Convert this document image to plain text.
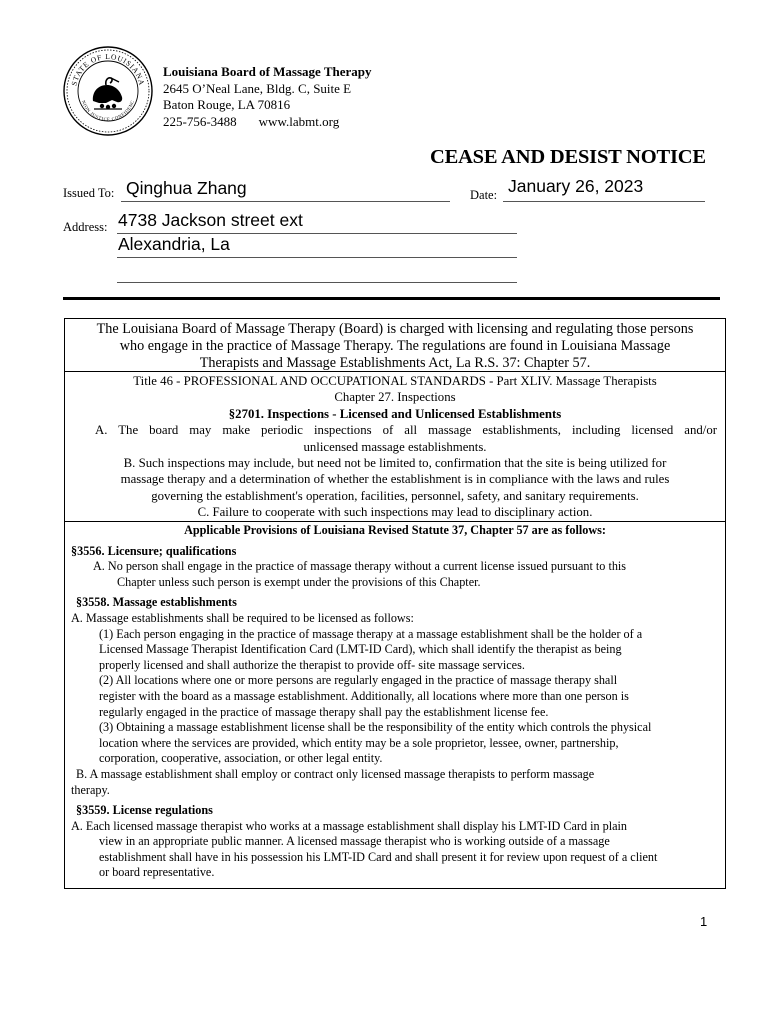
STATE OF LOUISIANA
NION JUSTICE CONFIDENC
Louisiana Board of Massage Therapy
2645 O’Neal Lane, Bldg. C, Suite E
Baton Rouge, LA 70816
225-756-3488 www.labmt.org
CEASE AND DESIST NOTICE
Issued To: Qinghua Zhang	Date: January 26, 2023
Address: 4738 Jackson street ext
Alexandria, La
The Louisiana Board of Massage Therapy (Board) is charged with licensing and regulating those persons
who engage in the practice of Massage Therapy. The regulations are found in Louisiana Massage
Therapists and Massage Establishments Act, La R.S. 37: Chapter 57.
Title 46 - PROFESSIONAL AND OCCUPATIONAL STANDARDS - Part XLIV. Massage Therapists
Chapter 27. Inspections
§2701. Inspections - Licensed and Unlicensed Establishments
A. The board may make periodic inspections of all massage establishments, including licensed and/or
unlicensed massage establishments.
B. Such inspections may include, but need not be limited to, confirmation that the site is being utilized for
massage therapy and a determination of whether the establishment is in compliance with the laws and rules
governing the establishment's operation, facilities, personnel, safety, and sanitary requirements.
C. Failure to cooperate with such inspections may lead to disciplinary action.
Applicable Provisions of Louisiana Revised Statute 37, Chapter 57 are as follows:
§3556. Licensure; qualifications
A. No person shall engage in the practice of massage therapy without a current license issued pursuant to this
Chapter unless such person is exempt under the provisions of this Chapter.
§3558. Massage establishments
A. Massage establishments shall be required to be licensed as follows:
(1) Each person engaging in the practice of massage therapy at a massage establishment shall be the holder of a
Licensed Massage Therapist Identification Card (LMT-ID Card), which shall identify the therapist as being
properly licensed and shall authorize the therapist to provide off- site massage services.
(2) All locations where one or more persons are regularly engaged in the practice of massage therapy shall
register with the board as a massage establishment. Additionally, all locations where more than one person is
regularly engaged in the practice of massage therapy shall pay the establishment license fee.
(3) Obtaining a massage establishment license shall be the responsibility of the entity which controls the physical
location where the services are provided, which entity may be a sole proprietor, lessee, owner, partnership,
corporation, cooperative, association, or other legal entity.
B. A massage establishment shall employ or contract only licensed massage therapists to perform massage
therapy.
§3559. License regulations
A. Each licensed massage therapist who works at a massage establishment shall display his LMT-ID Card in plain
view in an appropriate public manner. A licensed massage therapist who is working outside of a massage
establishment shall have in his possession his LMT-ID Card and shall present it for review upon request of a client
or board representative.
1
